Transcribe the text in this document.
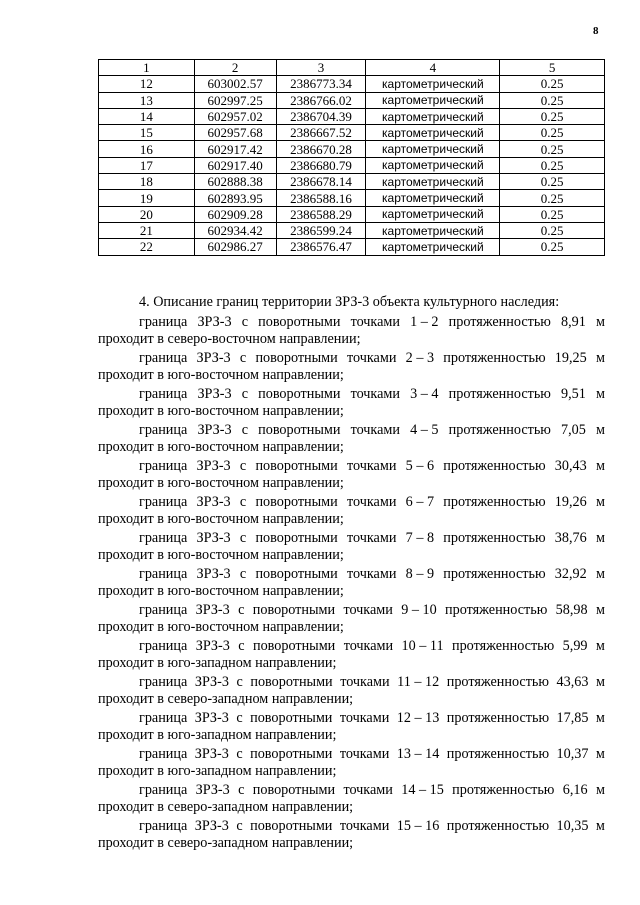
8
1	2	3	4	5
12	603002.57	2386773.34	картометрический	0.25
13	602997.25	2386766.02	картометрический	0.25
14	602957.02	2386704.39	картометрический	0.25
15	602957.68	2386667.52	картометрический	0.25
16	602917.42	2386670.28	картометрический	0.25
17	602917.40	2386680.79	картометрический	0.25
18	602888.38	2386678.14	картометрический	0.25
19	602893.95	2386588.16	картометрический	0.25
20	602909.28	2386588.29	картометрический	0.25
21	602934.42	2386599.24	картометрический	0.25
22	602986.27	2386576.47	картометрический	0.25

4. Описание границ территории ЗРЗ-3 объекта культурного наследия:

граница ЗРЗ-3 с поворотными точками 1 – 2 протяженностью 8,91 м
проходит в северо-восточном направлении;
граница ЗРЗ-3 с поворотными точками 2 – 3 протяженностью 19,25 м
проходит в юго-восточном направлении;
граница ЗРЗ-3 с поворотными точками 3 – 4 протяженностью 9,51 м
проходит в юго-восточном направлении;
граница ЗРЗ-3 с поворотными точками 4 – 5 протяженностью 7,05 м
проходит в юго-восточном направлении;
граница ЗРЗ-3 с поворотными точками 5 – 6 протяженностью 30,43 м
проходит в юго-восточном направлении;
граница ЗРЗ-3 с поворотными точками 6 – 7 протяженностью 19,26 м
проходит в юго-восточном направлении;
граница ЗРЗ-3 с поворотными точками 7 – 8 протяженностью 38,76 м
проходит в юго-восточном направлении;
граница ЗРЗ-3 с поворотными точками 8 – 9 протяженностью 32,92 м
проходит в юго-восточном направлении;
граница ЗРЗ-3 с поворотными точками 9 – 10 протяженностью 58,98 м
проходит в юго-восточном направлении;
граница ЗРЗ-3 с поворотными точками 10 – 11 протяженностью 5,99 м
проходит в юго-западном направлении;
граница ЗРЗ-3 с поворотными точками 11 – 12 протяженностью 43,63 м
проходит в северо-западном направлении;
граница ЗРЗ-3 с поворотными точками 12 – 13 протяженностью 17,85 м
проходит в юго-западном направлении;
граница ЗРЗ-3 с поворотными точками 13 – 14 протяженностью 10,37 м
проходит в юго-западном направлении;
граница ЗРЗ-3 с поворотными точками 14 – 15 протяженностью 6,16 м
проходит в северо-западном направлении;
граница ЗРЗ-3 с поворотными точками 15 – 16 протяженностью 10,35 м
проходит в северо-западном направлении;
